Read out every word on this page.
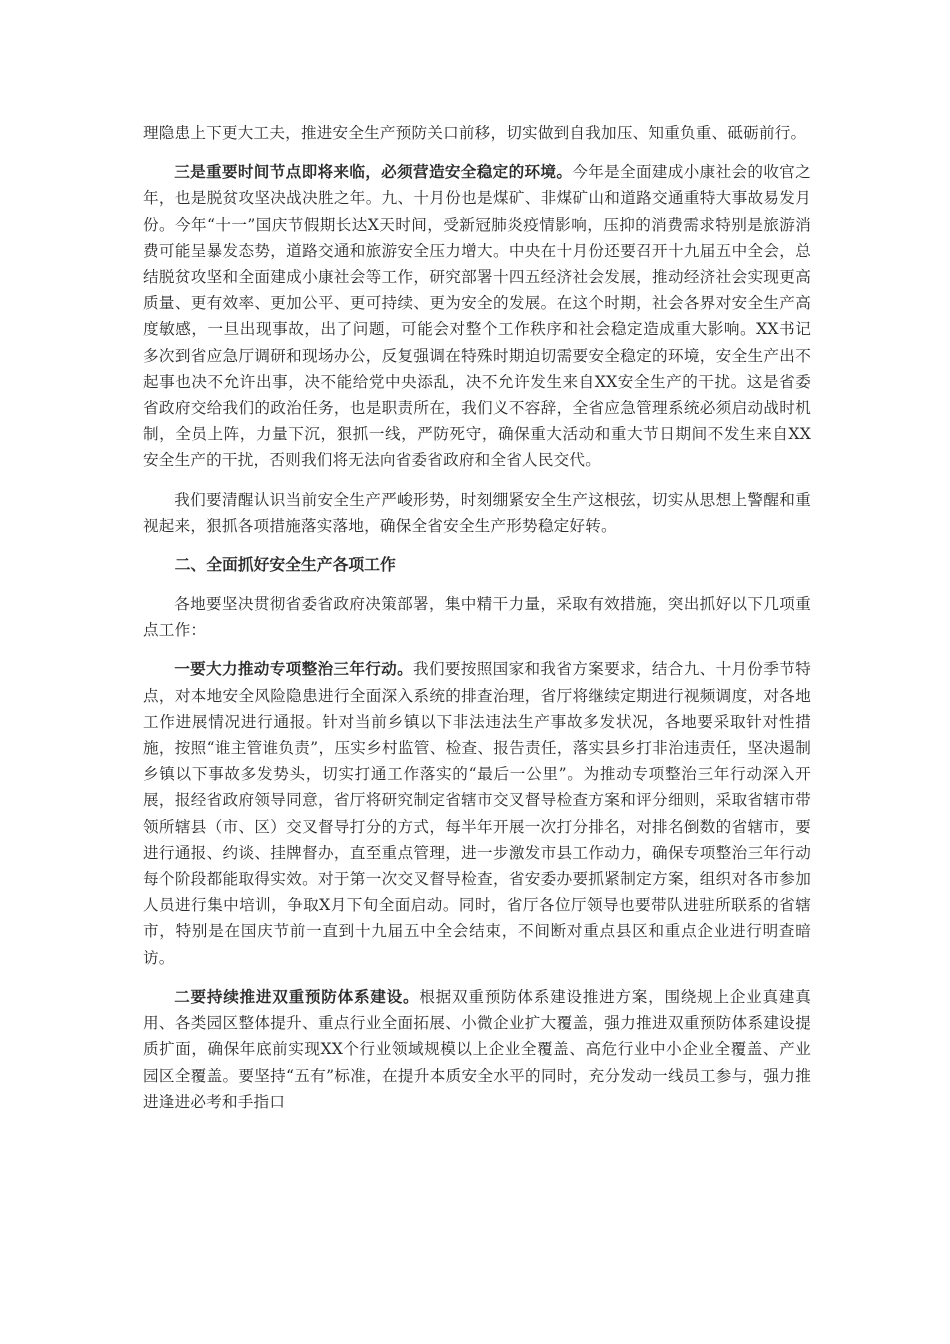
理隐患上下更大工夫，推进安全生产预防关口前移，切实做到自我加压、知重负重、砥砺前行。

三是重要时间节点即将来临，必须营造安全稳定的环境。今年是全面建成小康社会的收官之年，也是脱贫攻坚决战决胜之年。九、十月份也是煤矿、非煤矿山和道路交通重特大事故易发月份。今年“十一”国庆节假期长达X天时间，受新冠肺炎疫情影响，压抑的消费需求特别是旅游消费可能呈暴发态势，道路交通和旅游安全压力增大。中央在十月份还要召开十九届五中全会，总结脱贫攻坚和全面建成小康社会等工作，研究部署十四五经济社会发展，推动经济社会实现更高质量、更有效率、更加公平、更可持续、更为安全的发展。在这个时期，社会各界对安全生产高度敏感，一旦出现事故，出了问题，可能会对整个工作秩序和社会稳定造成重大影响。XX书记多次到省应急厅调研和现场办公，反复强调在特殊时期迫切需要安全稳定的环境，安全生产出不起事也决不允许出事，决不能给党中央添乱，决不允许发生来自XX安全生产的干扰。这是省委省政府交给我们的政治任务，也是职责所在，我们义不容辞，全省应急管理系统必须启动战时机制，全员上阵，力量下沉，狠抓一线，严防死守，确保重大活动和重大节日期间不发生来自XX安全生产的干扰，否则我们将无法向省委省政府和全省人民交代。

我们要清醒认识当前安全生产严峻形势，时刻绷紧安全生产这根弦，切实从思想上警醒和重视起来，狠抓各项措施落实落地，确保全省安全生产形势稳定好转。

二、全面抓好安全生产各项工作

各地要坚决贯彻省委省政府决策部署，集中精干力量，采取有效措施，突出抓好以下几项重点工作：

一要大力推动专项整治三年行动。我们要按照国家和我省方案要求，结合九、十月份季节特点，对本地安全风险隐患进行全面深入系统的排查治理，省厅将继续定期进行视频调度，对各地工作进展情况进行通报。针对当前乡镇以下非法违法生产事故多发状况，各地要采取针对性措施，按照“谁主管谁负责”，压实乡村监管、检查、报告责任，落实县乡打非治违责任，坚决遏制乡镇以下事故多发势头，切实打通工作落实的“最后一公里”。为推动专项整治三年行动深入开展，报经省政府领导同意，省厅将研究制定省辖市交叉督导检查方案和评分细则，采取省辖市带领所辖县（市、区）交叉督导打分的方式，每半年开展一次打分排名，对排名倒数的省辖市，要进行通报、约谈、挂牌督办，直至重点管理，进一步激发市县工作动力，确保专项整治三年行动每个阶段都能取得实效。对于第一次交叉督导检查，省安委办要抓紧制定方案，组织对各市参加人员进行集中培训，争取X月下旬全面启动。同时，省厅各位厅领导也要带队进驻所联系的省辖市，特别是在国庆节前一直到十九届五中全会结束，不间断对重点县区和重点企业进行明查暗访。

二要持续推进双重预防体系建设。根据双重预防体系建设推进方案，围绕规上企业真建真用、各类园区整体提升、重点行业全面拓展、小微企业扩大覆盖，强力推进双重预防体系建设提质扩面，确保年底前实现XX个行业领域规模以上企业全覆盖、高危行业中小企业全覆盖、产业园区全覆盖。要坚持“五有”标准，在提升本质安全水平的同时，充分发动一线员工参与，强力推进逢进必考和手指口
